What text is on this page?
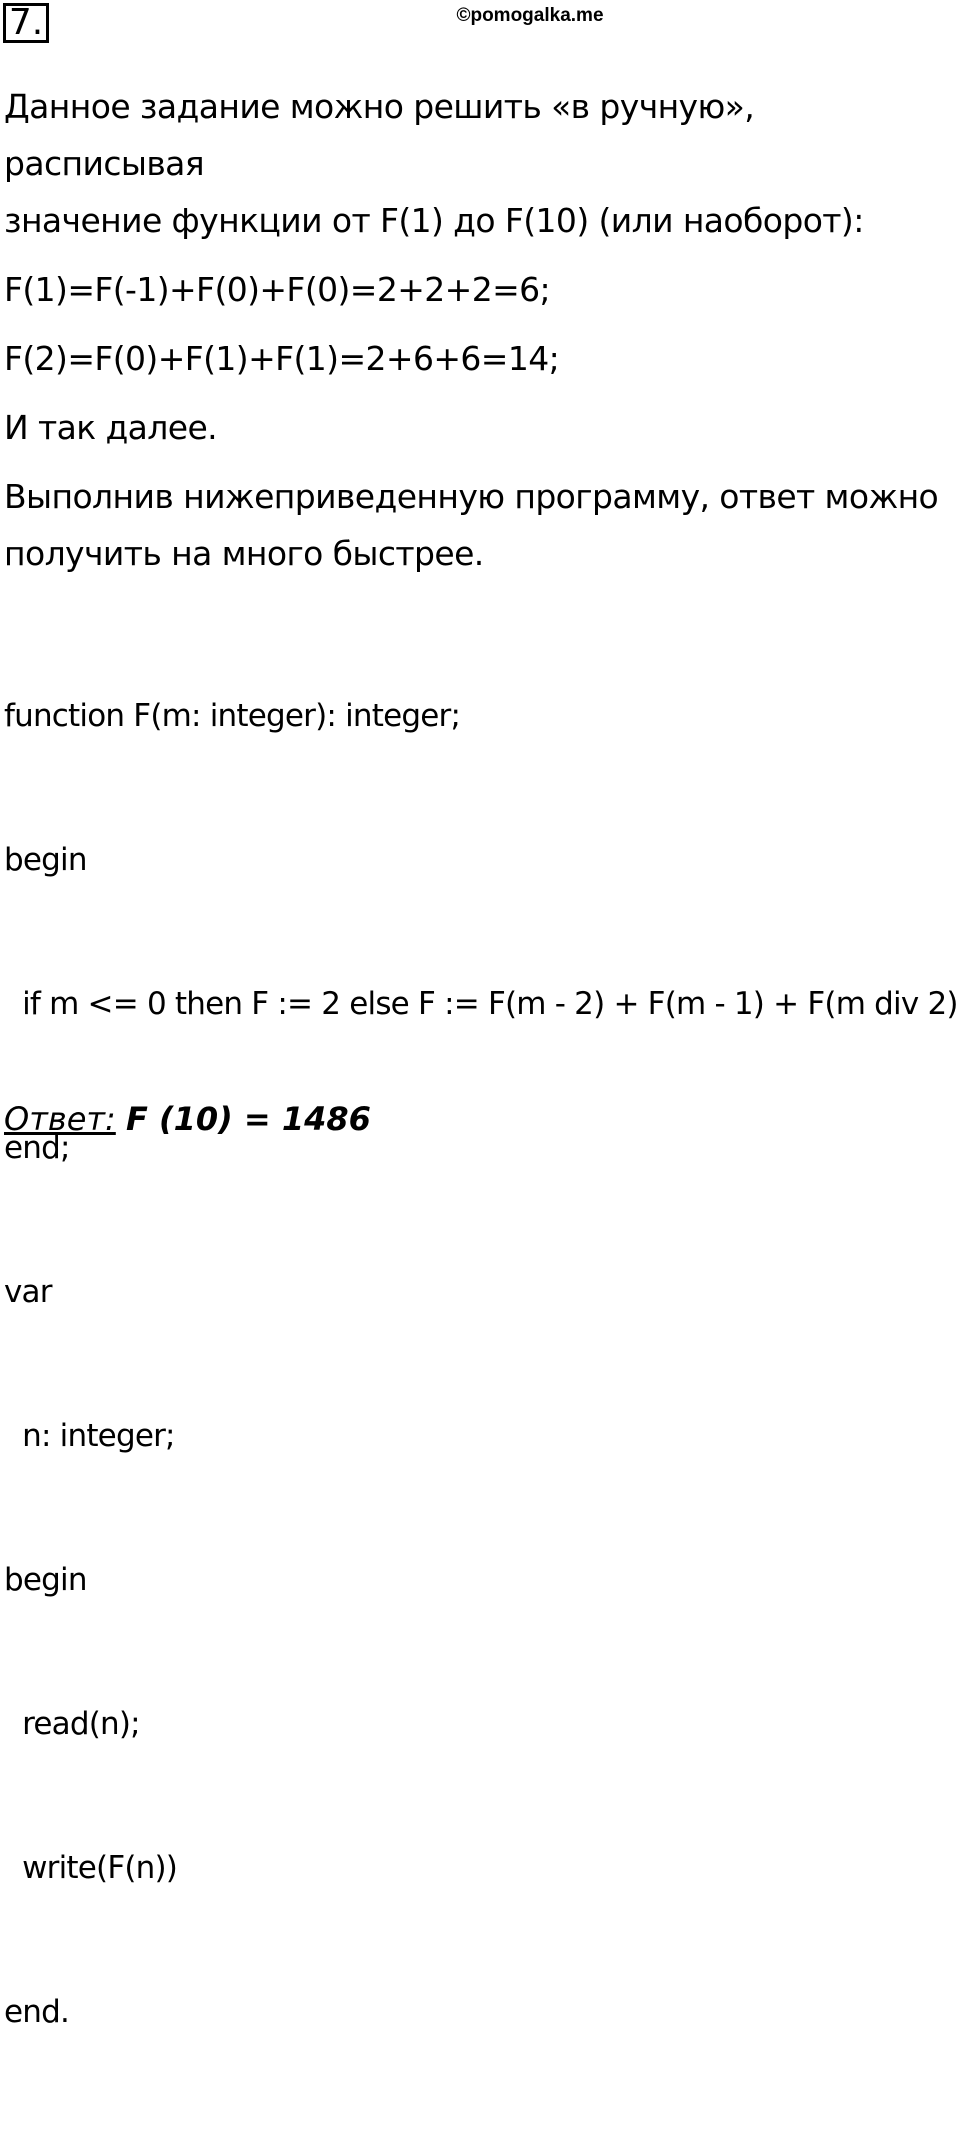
7.	©pomogalka.me

Данное задание можно решить «в ручную», расписывая

значение функции от F(1) до F(10) (или наоборот):

F(1)=F(-1)+F(0)+F(0)=2+2+2=6;

F(2)=F(0)+F(1)+F(1)=2+6+6=14;

И так далее.

Выполнив нижеприведенную программу, ответ можно

получить на много быстрее.

function F(m: integer): integer;

begin

if m <= 0 then F := 2 else F := F(m - 2) + F(m - 1) + F(m div 2)

end;

var

n: integer;

begin

read(n);

write(F(n))

end.

Ответ: F (10) = 1486
